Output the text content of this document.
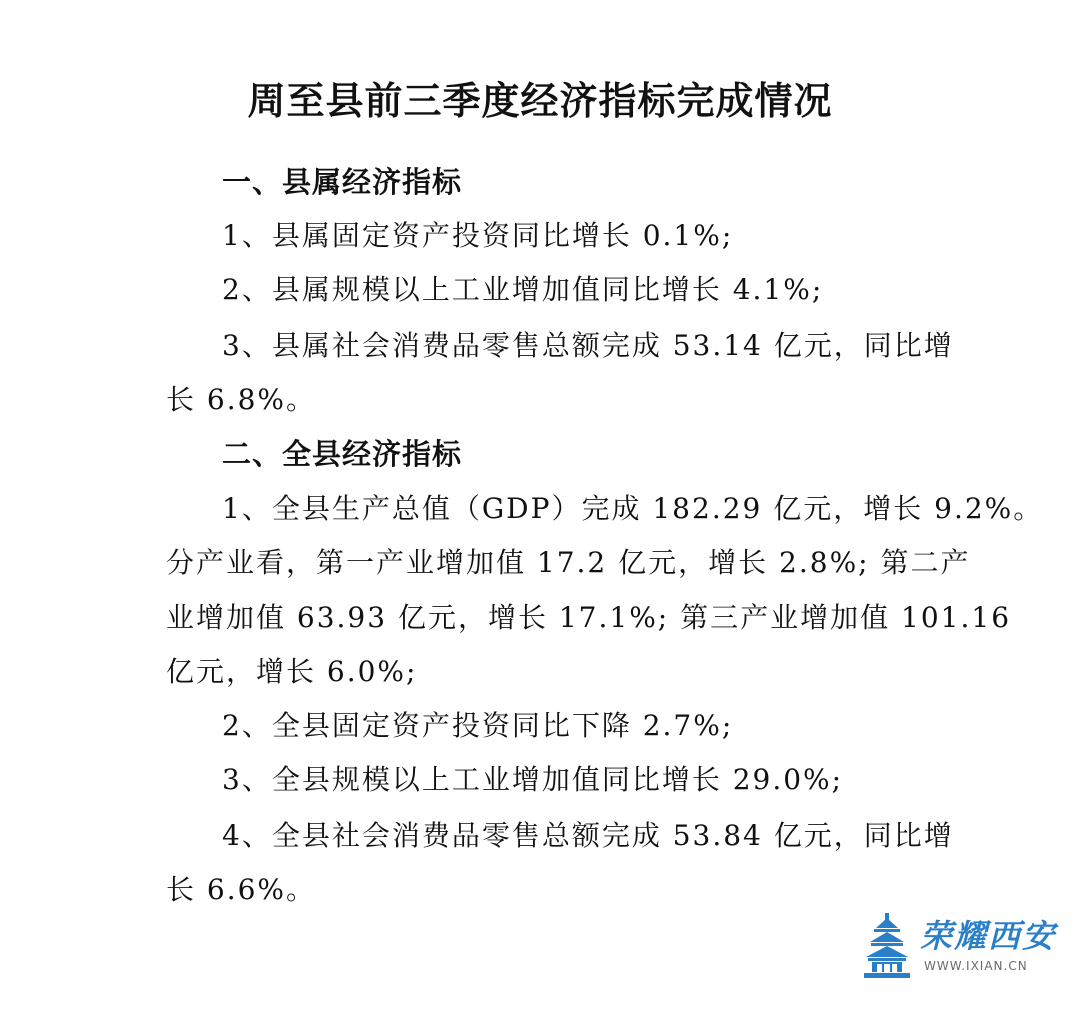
周至县前三季度经济指标完成情况
一、县属经济指标
1、县属固定资产投资同比增长 0.1%;
2、县属规模以上工业增加值同比增长 4.1%;
3、县属社会消费品零售总额完成 53.14 亿元，同比增
长 6.8%。
二、全县经济指标
1、全县生产总值（GDP）完成 182.29 亿元，增长 9.2%。
分产业看，第一产业增加值 17.2 亿元，增长 2.8%; 第二产
业增加值 63.93 亿元，增长 17.1%; 第三产业增加值 101.16
亿元，增长 6.0%;
2、全县固定资产投资同比下降 2.7%;
3、全县规模以上工业增加值同比增长 29.0%;
4、全县社会消费品零售总额完成 53.84 亿元，同比增
长 6.6%。
荣耀西安
WWW.IXIAN.CN
